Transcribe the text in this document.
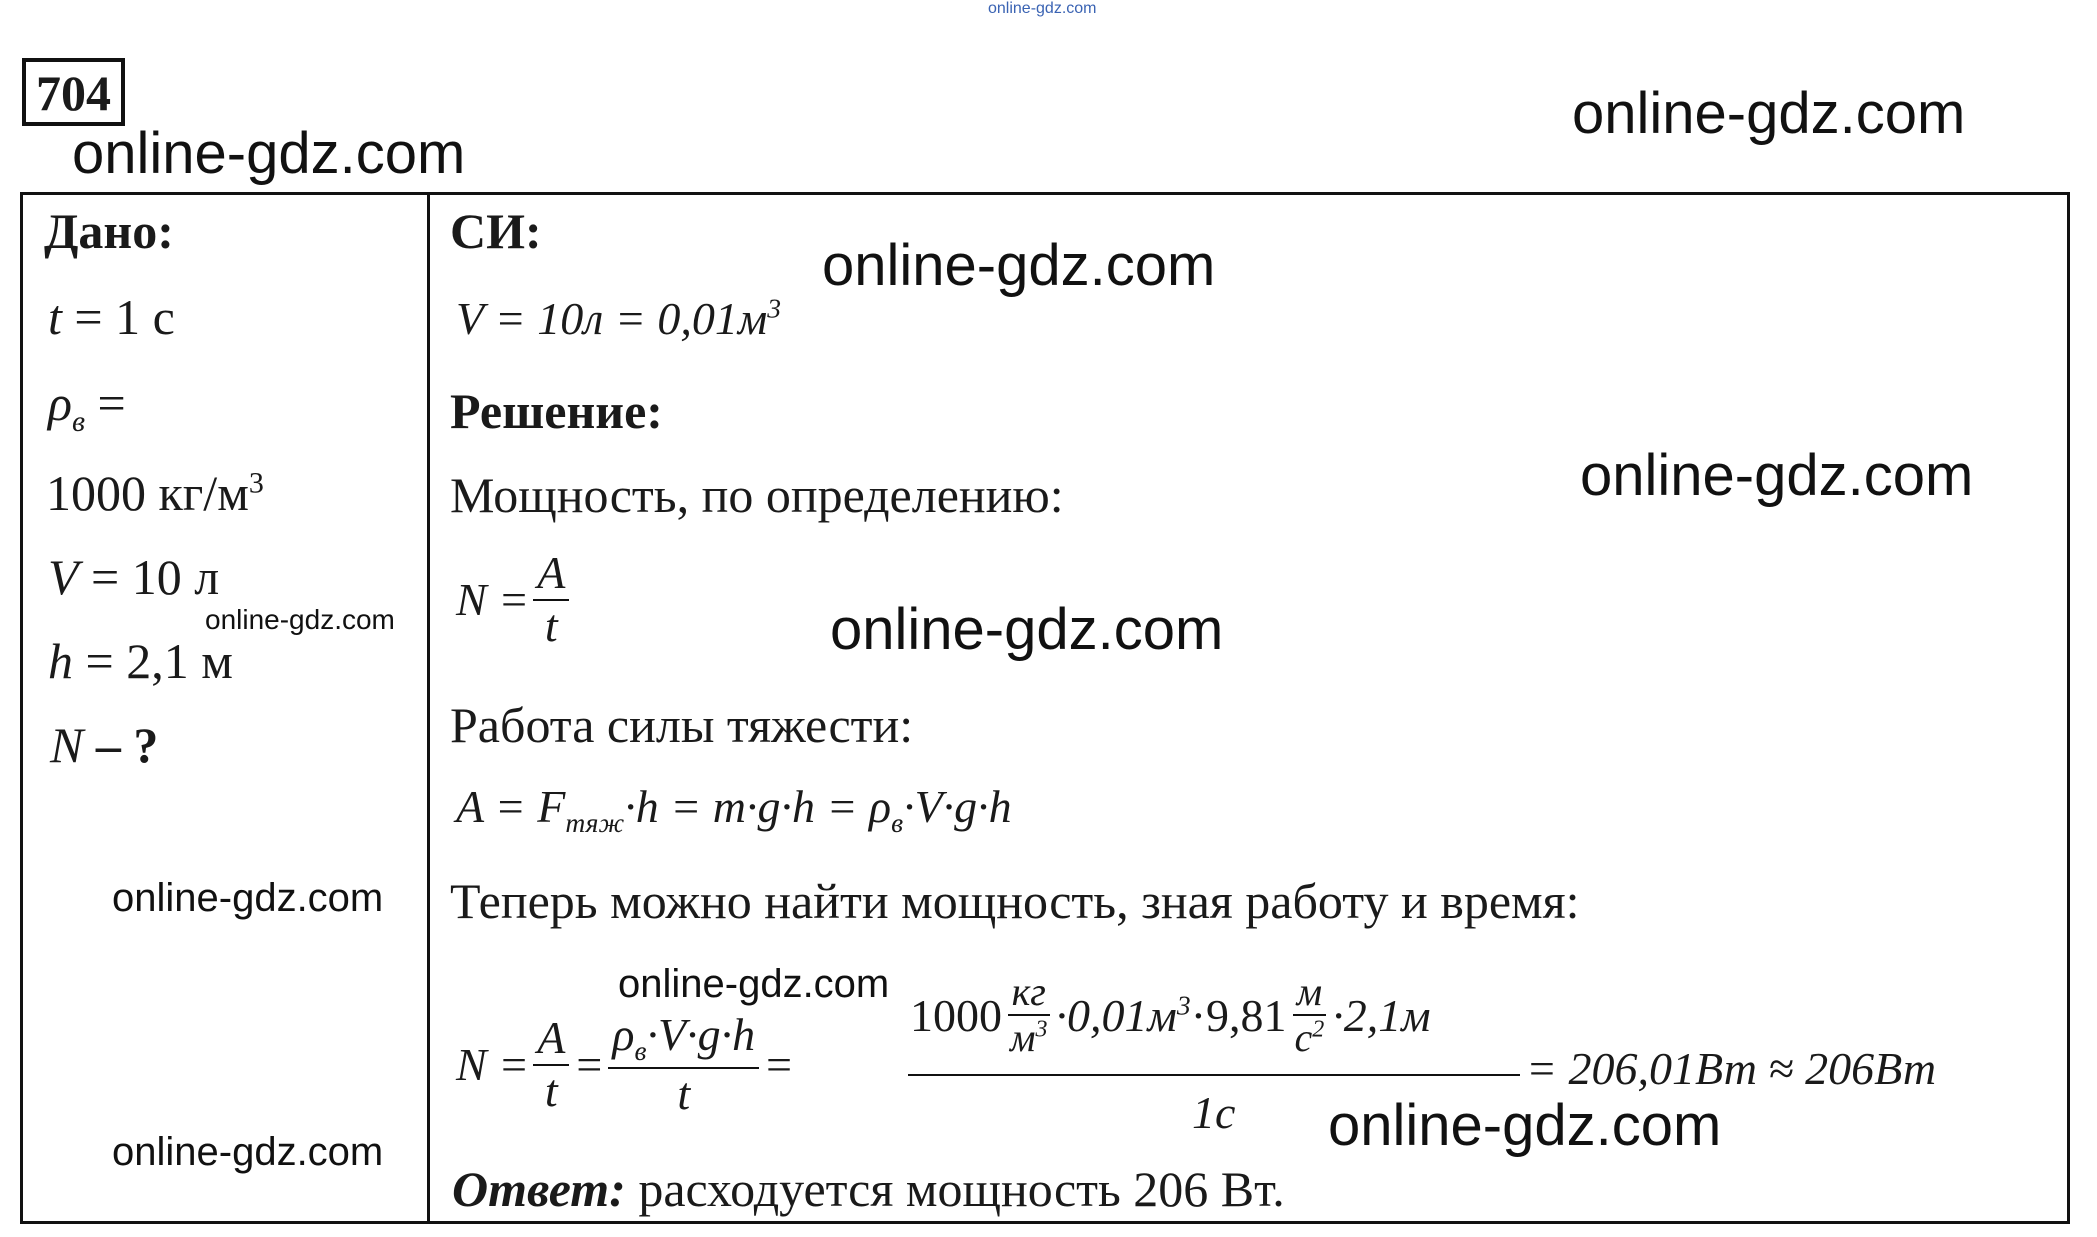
online-gdz.com
704
online-gdz.com
online-gdz.com
online-gdz.com
online-gdz.com
online-gdz.com
online-gdz.com
online-gdz.com
online-gdz.com
online-gdz.com	online-gdz.com
Дано:
t = 1 с
$\rho_в$ =
1000 $кг/м^3$
V = 10 л
h = 2,1 м
N – ?
СИ:
$V = 10л = 0,01м^3$
Решение:
Мощность, по определению:
$N = \frac{A}{t}$
Работа силы тяжести:
$A = F_{тяж}\cdot h = m\cdot g\cdot h = \rho_в\cdot V\cdot g\cdot h$
Теперь можно найти мощность, зная работу и время:
$N = \frac{A}{t} = \frac{\rho_в\cdot V\cdot g\cdot h}{t}$ =
$1000 \frac{кг}{м^3} \cdot 0,01м^3 \cdot 9,81 \frac{м}{с^2} \cdot 2,1м$
1с
= 206,01Вт ≈ 206Вт
Ответ: расходуется мощность 206 Вт.
